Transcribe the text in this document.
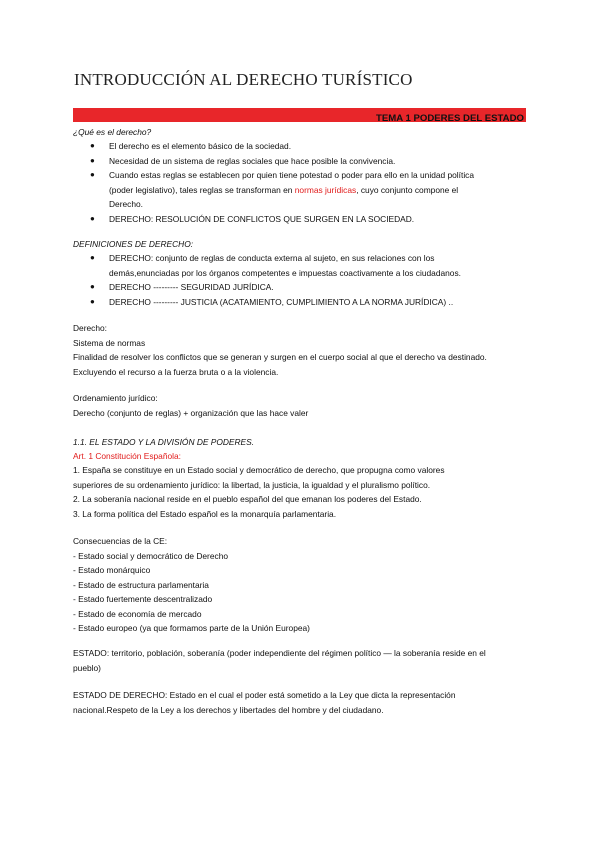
INTRODUCCIÓN AL DERECHO TURÍSTICO
TEMA 1 PODERES DEL ESTADO

¿Qué es el derecho?

● El derecho es el elemento básico de la sociedad.
● Necesidad de un sistema de reglas sociales que hace posible la convivencia.
● Cuando estas reglas se establecen por quien tiene potestad o poder para ello en la unidad política
(poder legislativo), tales reglas se transforman en normas jurídicas, cuyo conjunto compone el
Derecho.
● DERECHO: RESOLUCIÓN DE CONFLICTOS QUE SURGEN EN LA SOCIEDAD.

DEFINICIONES DE DERECHO:

● DERECHO: conjunto de reglas de conducta externa al sujeto, en sus relaciones con los
demás,enunciadas por los órganos competentes e impuestas coactivamente a los ciudadanos.
● DERECHO --------- SEGURIDAD JURÍDICA.
● DERECHO --------- JUSTICIA (ACATAMIENTO, CUMPLIMIENTO A LA NORMA JURÍDICA) ..
Derecho:
Sistema de normas
Finalidad de resolver los conflictos que se generan y surgen en el cuerpo social al que el derecho va destinado.
Excluyendo el recurso a la fuerza bruta o a la violencia.
Ordenamiento jurídico:
Derecho (conjunto de reglas) + organización que las hace valer

1.1. EL ESTADO Y LA DIVISIÓN DE PODERES.

Art. 1 Constitución Española:

1. España se constituye en un Estado social y democrático de derecho, que propugna como valores
superiores de su ordenamiento jurídico: la libertad, la justicia, la igualdad y el pluralismo político.
2. La soberanía nacional reside en el pueblo español del que emanan los poderes del Estado.
3. La forma política del Estado español es la monarquía parlamentaria.
Consecuencias de la CE:
- Estado social y democrático de Derecho
- Estado monárquico
- Estado de estructura parlamentaria
- Estado fuertemente descentralizado
- Estado de economía de mercado
- Estado europeo (ya que formamos parte de la Unión Europea)
ESTADO: territorio, población, soberanía (poder independiente del régimen político — la soberanía reside en el
pueblo)
ESTADO DE DERECHO: Estado en el cual el poder está sometido a la Ley que dicta la representación
nacional.Respeto de la Ley a los derechos y libertades del hombre y del ciudadano.
